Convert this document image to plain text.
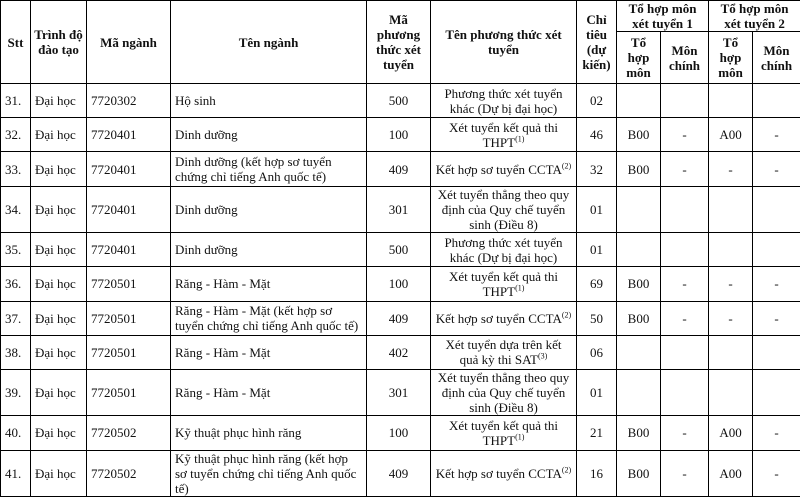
Stt	Trình độ đào tạo	Mã ngành	Tên ngành	Mã phương thức xét tuyển	Tên phương thức xét tuyển	Chỉ tiêu (dự kiến)	Tổ hợp môn xét tuyển 1		Tổ hợp môn xét tuyển 2	
							Tổ hợp môn	Môn chính	Tổ hợp môn	Môn chính
31.	Đại học	7720302	Hộ sinh	500	Phương thức xét tuyển khác (Dự bị đại học)	02				
32.	Đại học	7720401	Dinh dưỡng	100	Xét tuyển kết quả thi THPT$^{(1)}$	46	B00	-	A00	-
33.	Đại học	7720401	Dinh dưỡng (kết hợp sơ tuyển chứng chỉ tiếng Anh quốc tế)	409	Kết hợp sơ tuyển CCTA$^{(2)}$	32	B00	-	-	-
34.	Đại học	7720401	Dinh dưỡng	301	Xét tuyển thẳng theo quy định của Quy chế tuyển sinh (Điều 8)	01				
35.	Đại học	7720401	Dinh dưỡng	500	Phương thức xét tuyển khác (Dự bị đại học)	01				
36.	Đại học	7720501	Răng - Hàm - Mặt	100	Xét tuyển kết quả thi THPT$^{(1)}$	69	B00	-	-	-
37.	Đại học	7720501	Răng - Hàm - Mặt (kết hợp sơ tuyển chứng chỉ tiếng Anh quốc tế)	409	Kết hợp sơ tuyển CCTA$^{(2)}$	50	B00	-	-	-
38.	Đại học	7720501	Răng - Hàm - Mặt	402	Xét tuyển dựa trên kết quả kỳ thi SAT$^{(3)}$	06				
39.	Đại học	7720501	Răng - Hàm - Mặt	301	Xét tuyển thẳng theo quy định của Quy chế tuyển sinh (Điều 8)	01				
40.	Đại học	7720502	Kỹ thuật phục hình răng	100	Xét tuyển kết quả thi THPT$^{(1)}$	21	B00	-	A00	-
41.	Đại học	7720502	Kỹ thuật phục hình răng (kết hợp sơ tuyển chứng chỉ tiếng Anh quốc tế)	409	Kết hợp sơ tuyển CCTA$^{(2)}$	16	B00	-	A00	-
